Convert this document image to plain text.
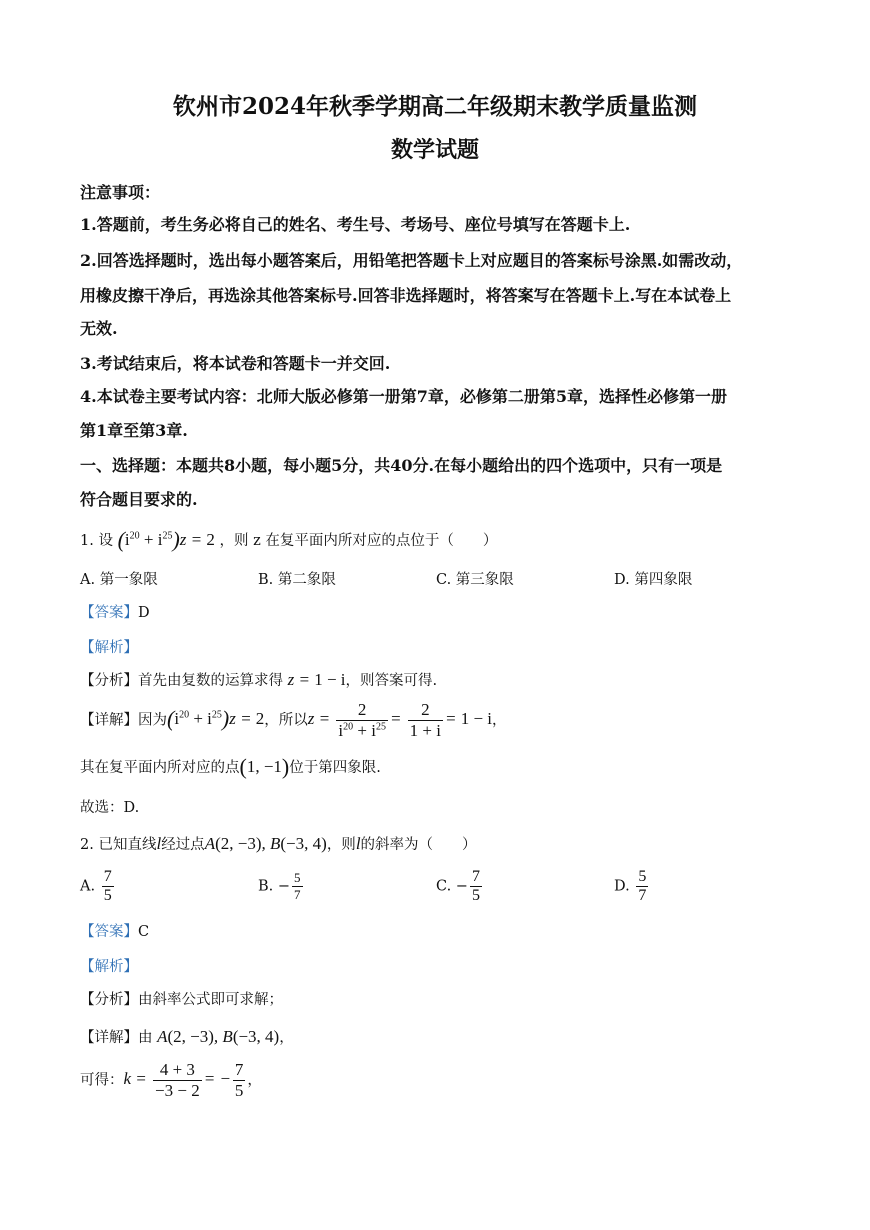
钦州市2024年秋季学期高二年级期末教学质量监测
数学试题
注意事项：
1.答题前，考生务必将自己的姓名、考生号、考场号、座位号填写在答题卡上.
2.回答选择题时，选出每小题答案后，用铅笔把答题卡上对应题目的答案标号涂黑.如需改动，
用橡皮擦干净后，再选涂其他答案标号.回答非选择题时，将答案写在答题卡上.写在本试卷上
无效.
3.考试结束后，将本试卷和答题卡一并交回.
4.本试卷主要考试内容：北师大版必修第一册第7章，必修第二册第5章，选择性必修第一册
第1章至第3章.
一、选择题：本题共8小题，每小题5分，共40分.在每小题给出的四个选项中，只有一项是
符合题目要求的.
1. 设 $(i^{20} + i^{25})z = 2$ ，则 z 在复平面内所对应的点位于（　　）
A. 第一象限	B. 第二象限	C. 第三象限	D. 第四象限
【答案】D
【解析】
【分析】首先由复数的运算求得 z = 1 − i，则答案可得.
【详解】因为$(i^{20} + i^{25})z = 2$，所以$z = \frac{2}{i^{20} + i^{25}} = \frac{2}{1 + i} = 1 - i$，
其在复平面内所对应的点(1, −1)位于第四象限.
故选：D.
2. 已知直线l经过点A(2, −3), B(−3, 4)，则l的斜率为（　　）
A. $\frac{7}{5}$	B. − $\frac{5}{7}$	C. − $\frac{7}{5}$	D. $\frac{5}{7}$
【答案】C
【解析】
【分析】由斜率公式即可求解；
【详解】由 A(2, −3), B(−3, 4)，
可得：$k = \frac{4 + 3}{-3 - 2}$ = − $\frac{7}{5}$ ，
